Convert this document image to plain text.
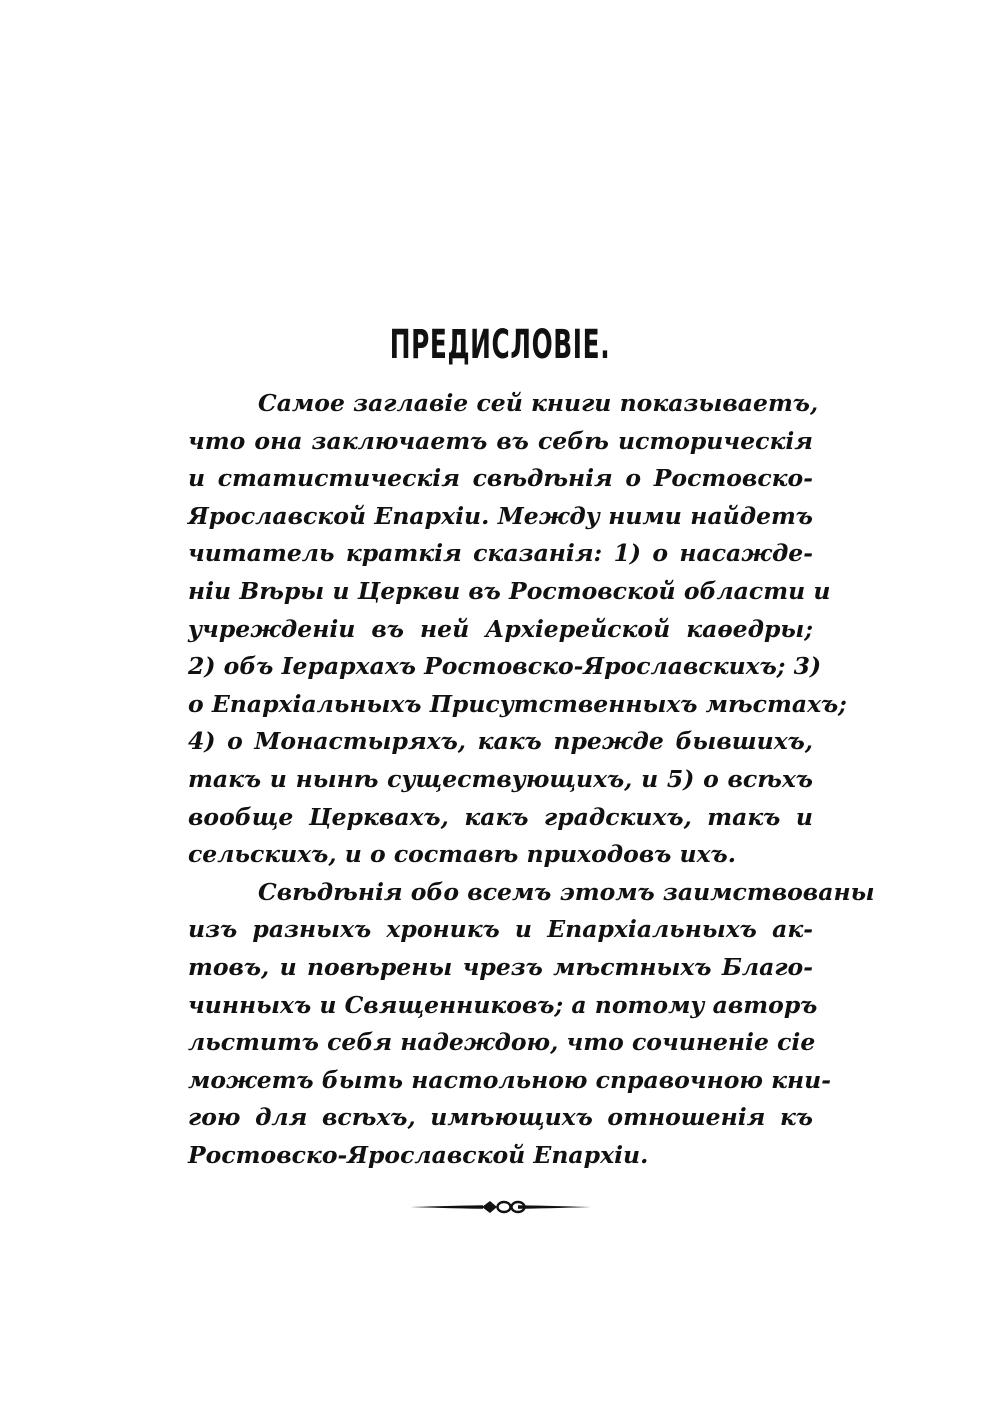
ПРЕДИСЛОВІЕ.
Самое заглавіе сей книги показываетъ,
что она заключаетъ въ себѣ историческія
и статистическія свѣдѣнія о Ростовско-
Ярославской Епархіи. Между ними найдетъ
читатель краткія сказанія: 1) о насажде-
ніи Вѣры и Церкви въ Ростовской области и
учрежденіи въ ней Архіерейской каѳедры;
2) объ Іерархахъ Ростовско-Ярославскихъ; 3)
о Епархіальныхъ Присутственныхъ мѣстахъ;
4) о Монастыряхъ, какъ прежде бывшихъ,
такъ и нынѣ существующихъ, и 5) о всѣхъ
вообще Церквахъ, какъ градскихъ, такъ и
сельскихъ, и о составѣ приходовъ ихъ.
Свѣдѣнія обо всемъ этомъ заимствованы
изъ разныхъ хроникъ и Епархіальныхъ ак-
товъ, и повѣрены чрезъ мѣстныхъ Благо-
чинныхъ и Священниковъ; а потому авторъ
льститъ себя надеждою, что сочиненіе сіе
можетъ быть настольною справочною кни-
гою для всѣхъ, имѣющихъ отношенія къ
Ростовско-Ярославской Епархіи.
